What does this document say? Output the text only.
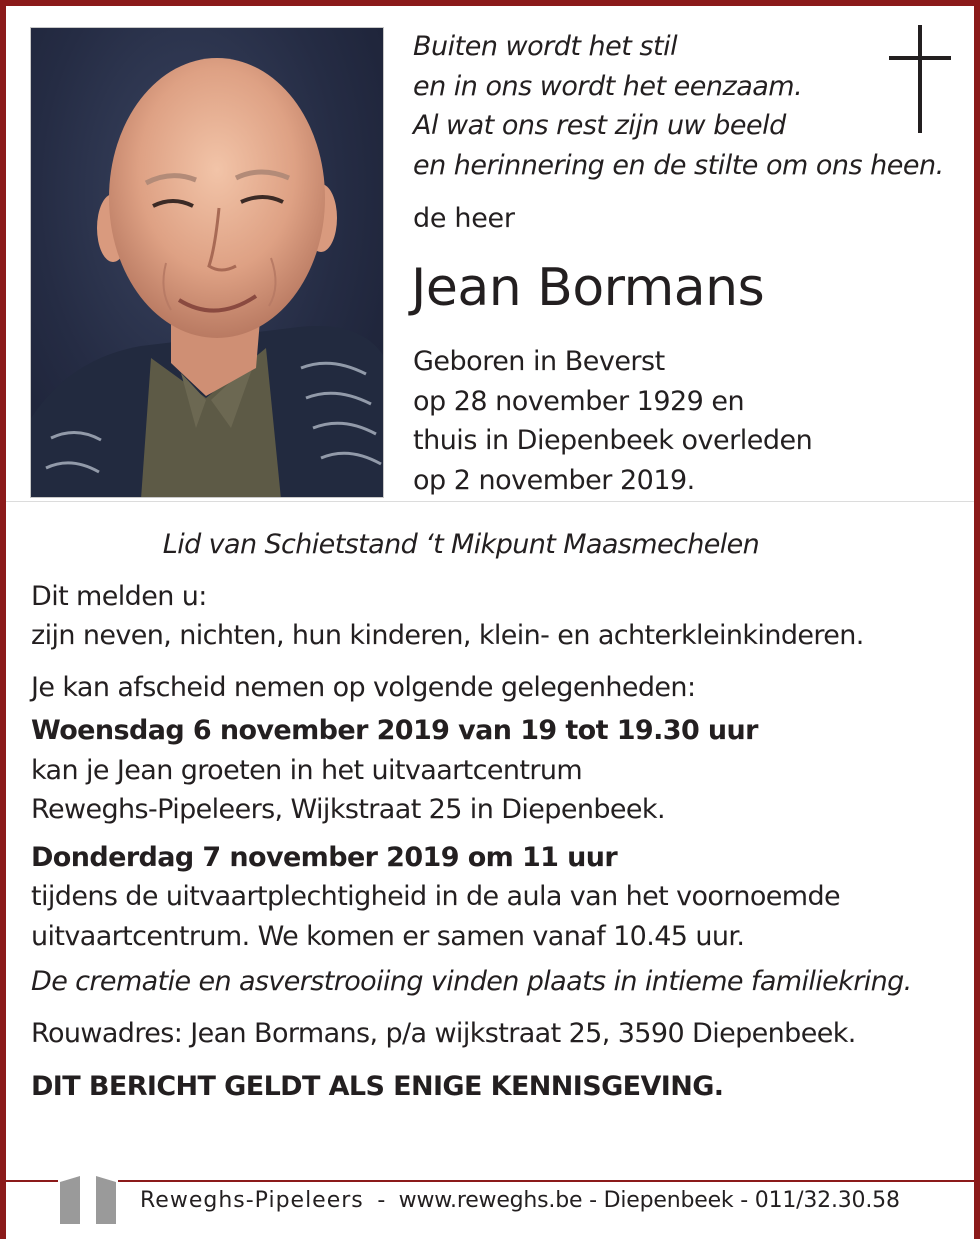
Buiten wordt het stil
en in ons wordt het eenzaam.
Al wat ons rest zijn uw beeld
en herinnering en de stilte om ons heen.
de heer
Jean Bormans
Geboren in Beverst
op 28 november 1929 en
thuis in Diepenbeek overleden
op 2 november 2019.
Lid van Schietstand ‘t Mikpunt Maasmechelen
Dit melden u:
zijn neven, nichten, hun kinderen, klein- en achterkleinkinderen.
Je kan afscheid nemen op volgende gelegenheden:
Woensdag 6 november 2019 van 19 tot 19.30 uur
kan je Jean groeten in het uitvaartcentrum
Reweghs-Pipeleers, Wijkstraat 25 in Diepenbeek.
Donderdag 7 november 2019 om 11 uur
tijdens de uitvaartplechtigheid in de aula van het voornoemde
uitvaartcentrum. We komen er samen vanaf 10.45 uur.
De crematie en asverstrooiing vinden plaats in intieme familiekring.
Rouwadres: Jean Bormans, p/a wijkstraat 25, 3590 Diepenbeek.
DIT BERICHT GELDT ALS ENIGE KENNISGEVING.
Reweghs-Pipeleers  -  www.reweghs.be - Diepenbeek - 011/32.30.58
